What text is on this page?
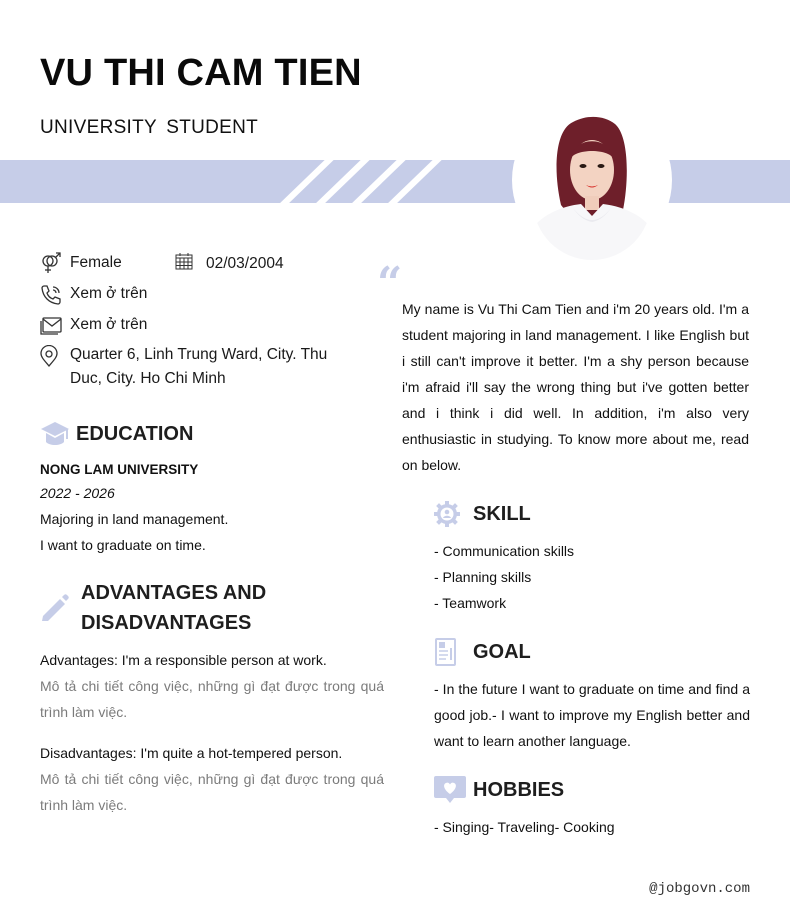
VU THI CAM TIEN
UNIVERSITY STUDENT
Female
Xem ở trên
Xem ở trên
Quarter 6, Linh Trung Ward, City. Thu Duc, City. Ho Chi Minh
02/03/2004
EDUCATION
NONG LAM UNIVERSITY
2022 - 2026
Majoring in land management.
I want to graduate on time.
ADVANTAGES AND
DISADVANTAGES

Advantages: I'm a responsible person at work.

Mô tả chi tiết công việc, những gì đạt được trong quá trình làm việc.

Disadvantages: I'm quite a hot-tempered person.

Mô tả chi tiết công việc, những gì đạt được trong quá trình làm việc.

“ My name is Vu Thi Cam Tien and i'm 20 years old. I'm a student majoring in land management. I like English but i still can't improve it better. I'm a shy person because i'm afraid i'll say the wrong thing but i've gotten better and i think i did well. In addition, i'm also very enthusiastic in studying. To know more about me, read on below.
SKILL
- Communication skills
- Planning skills
- Teamwork
GOAL
- In the future I want to graduate on time and find a good job.- I want to improve my English better and want to learn another language.
HOBBIES
- Singing- Traveling- Cooking
@jobgovn.com
